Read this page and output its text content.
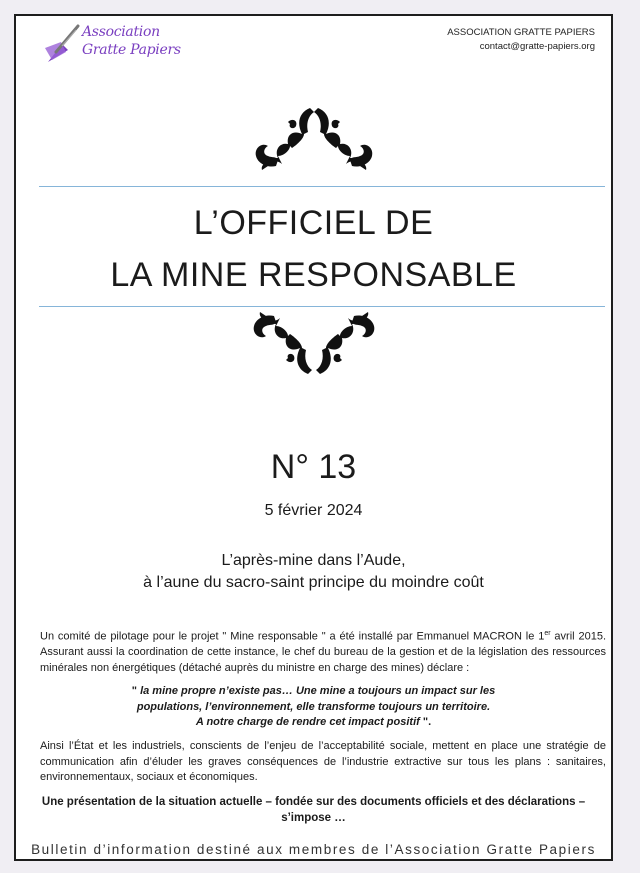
Association
Gratte Papiers
ASSOCIATION GRATTE PAPIERS
contact@gratte-papiers.org
L’OFFICIEL DE
LA MINE RESPONSABLE
N° 13
5 février 2024
L’après-mine dans l’Aude,
à l’aune du sacro-saint principe du moindre coût
Un comité de pilotage pour le projet " Mine responsable " a été installé par Emmanuel MACRON le 1er avril 2015. Assurant aussi la coordination de cette instance, le chef du bureau de la gestion et de la législation des ressources minérales non énergétiques (détaché auprès du ministre en charge des mines) déclare :
" la mine propre n’existe pas… Une mine a toujours un impact sur les
populations, l’environnement, elle transforme toujours un territoire.
A notre charge de rendre cet impact positif ".
Ainsi l’État et les industriels, conscients de l’enjeu de l’acceptabilité sociale, mettent en place une stratégie de communication afin d’éluder les graves conséquences de l’industrie extractive sur tous les plans : sanitaires, environnementaux, sociaux et économiques.
Une présentation de la situation actuelle – fondée sur des documents officiels et des déclarations –
s’impose …
Bulletin d’information destiné aux membres de l’Association Gratte Papiers
